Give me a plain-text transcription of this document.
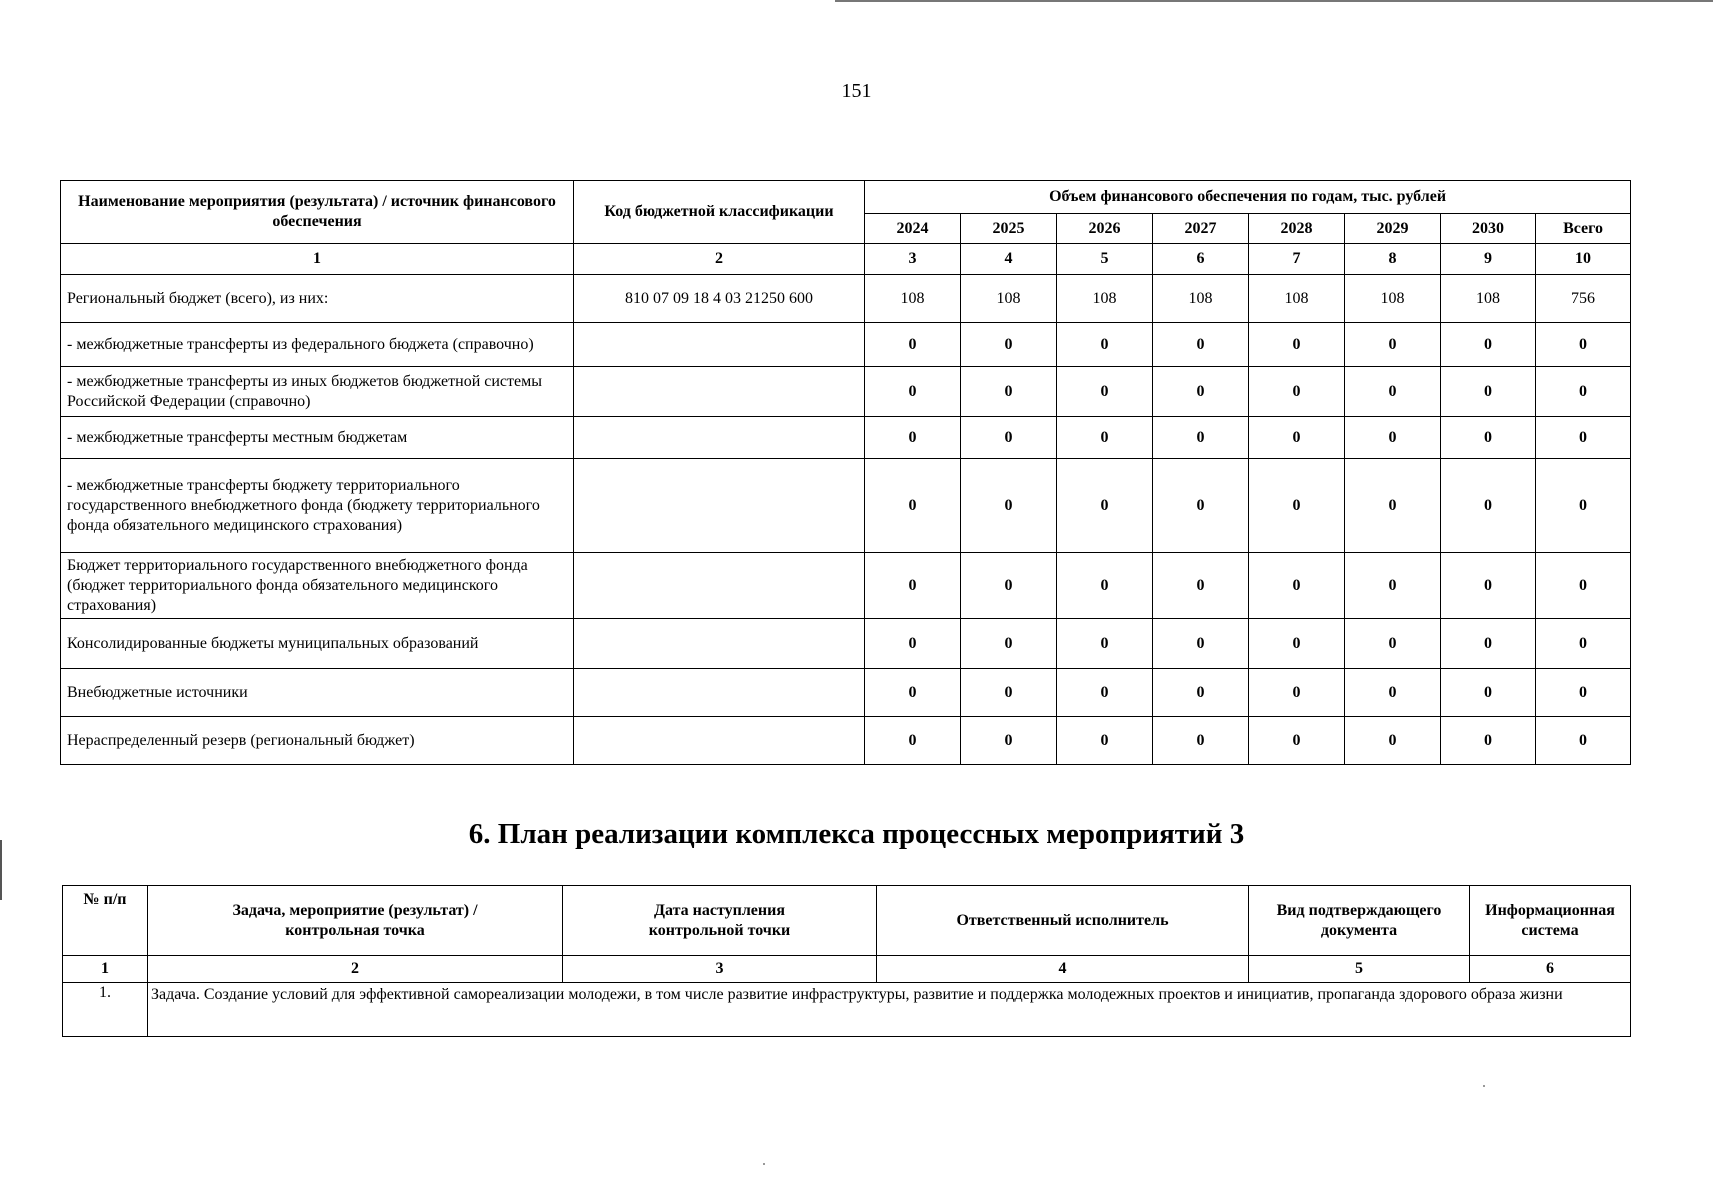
151
Наименование мероприятия (результата) / источник финансового обеспечения	Код бюджетной классификации	Объем финансового обеспечения по годам, тыс. рублей							
		2024	2025	2026	2027	2028	2029	2030	Всего
1	2	3	4	5	6	7	8	9	10
Региональный бюджет (всего), из них:	810 07 09 18 4 03 21250 600	108	108	108	108	108	108	108	756
- межбюджетные трансферты из федерального бюджета (справочно)		0	0	0	0	0	0	0	0
- межбюджетные трансферты из иных бюджетов бюджетной системы Российской Федерации (справочно)		0	0	0	0	0	0	0	0
- межбюджетные трансферты местным бюджетам		0	0	0	0	0	0	0	0
- межбюджетные трансферты бюджету территориального государственного внебюджетного фонда (бюджету территориального фонда обязательного медицинского страхования)		0	0	0	0	0	0	0	0
Бюджет территориального государственного внебюджетного фонда (бюджет территориального фонда обязательного медицинского страхования)		0	0	0	0	0	0	0	0
Консолидированные бюджеты муниципальных образований		0	0	0	0	0	0	0	0
Внебюджетные источники		0	0	0	0	0	0	0	0
Нераспределенный резерв (региональный бюджет)		0	0	0	0	0	0	0	0
6. План реализации комплекса процессных мероприятий 3
№ п/п	Задача, мероприятие (результат) / контрольная точка	Дата наступления контрольной точки	Ответственный исполнитель	Вид подтверждающего документа	Информационная система
1	2	3	4	5	6
1.	Задача. Создание условий для эффективной самореализации молодежи, в том числе развитие инфраструктуры, развитие и поддержка молодежных проектов и инициатив, пропаганда здорового образа жизни				
